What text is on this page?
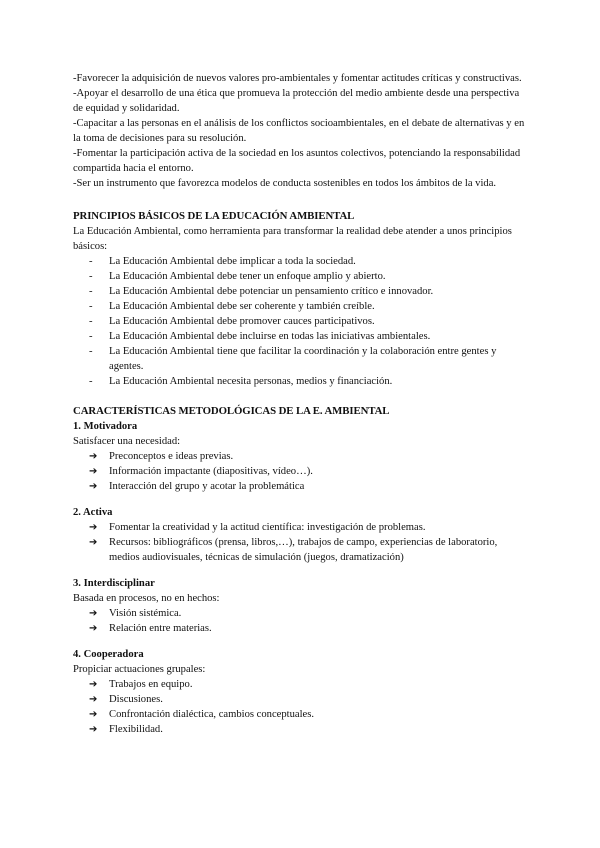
-Favorecer la adquisición de nuevos valores pro-ambientales y fomentar actitudes críticas y constructivas.

-Apoyar el desarrollo de una ética que promueva la protección del medio ambiente desde una perspectiva de equidad y solidaridad.

-Capacitar a las personas en el análisis de los conflictos socioambientales, en el debate de alternativas y en la toma de decisiones para su resolución.

-Fomentar la participación activa de la sociedad en los asuntos colectivos, potenciando la responsabilidad compartida hacia el entorno.

-Ser un instrumento que favorezca modelos de conducta sostenibles en todos los ámbitos de la vida.

PRINCIPIOS BÁSICOS DE LA EDUCACIÓN AMBIENTAL

La Educación Ambiental, como herramienta para transformar la realidad debe atender a unos principios básicos:

- La Educación Ambiental debe implicar a toda la sociedad.
- La Educación Ambiental debe tener un enfoque amplio y abierto.
- La Educación Ambiental debe potenciar un pensamiento crítico e innovador.
- La Educación Ambiental debe ser coherente y también creíble.
- La Educación Ambiental debe promover cauces participativos.
- La Educación Ambiental debe incluirse en todas las iniciativas ambientales.
- La Educación Ambiental tiene que facilitar la coordinación y la colaboración entre gentes y agentes.
- La Educación Ambiental necesita personas, medios y financiación.
CARACTERÍSTICAS METODOLÓGICAS DE LA E. AMBIENTAL
1. Motivadora

Satisfacer una necesidad:

➔ Preconceptos e ideas previas.
➔ Información impactante (diapositivas, vídeo…).
➔ Interacción del grupo y acotar la problemática
2. Activa
➔ Fomentar la creatividad y la actitud científica: investigación de problemas.
➔ Recursos: bibliográficos (prensa, libros,…), trabajos de campo, experiencias de laboratorio, medios audiovisuales, técnicas de simulación (juegos, dramatización)
3. Interdisciplinar

Basada en procesos, no en hechos:

➔ Visión sistémica.
➔ Relación entre materias.
4. Cooperadora

Propiciar actuaciones grupales:

➔ Trabajos en equipo.
➔ Discusiones.
➔ Confrontación dialéctica, cambios conceptuales.
➔ Flexibilidad.
